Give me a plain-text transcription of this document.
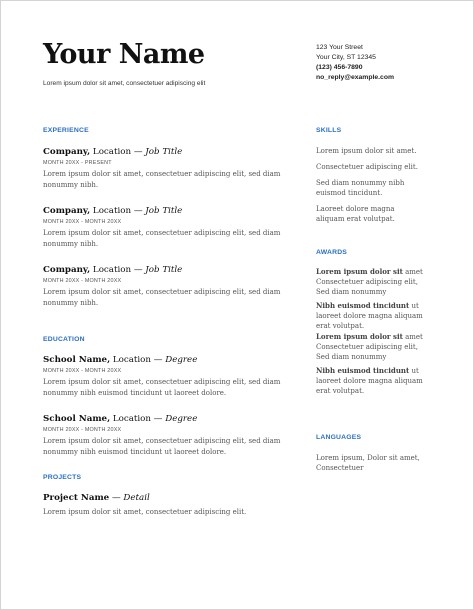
Your Name
Lorem ipsum dolor sit amet, consectetuer adipiscing elit
123 Your Street
Your City, ST 12345
(123) 456-7890
no_reply@example.com
EXPERIENCE
Company, Location — Job Title
MONTH 20XX - PRESENT
Lorem ipsum dolor sit amet, consectetuer adipiscing elit, sed diam
nonummy nibh.
Company, Location — Job Title
MONTH 20XX - MONTH 20XX
Lorem ipsum dolor sit amet, consectetuer adipiscing elit, sed diam
nonummy nibh.
Company, Location — Job Title
MONTH 20XX - MONTH 20XX
Lorem ipsum dolor sit amet, consectetuer adipiscing elit, sed diam
nonummy nibh.
EDUCATION
School Name, Location — Degree
MONTH 20XX - MONTH 20XX
Lorem ipsum dolor sit amet, consectetuer adipiscing elit, sed diam
nonummy nibh euismod tincidunt ut laoreet dolore.
School Name, Location — Degree
MONTH 20XX - MONTH 20XX
Lorem ipsum dolor sit amet, consectetuer adipiscing elit, sed diam
nonummy nibh euismod tincidunt ut laoreet dolore.
PROJECTS
Project Name — Detail
Lorem ipsum dolor sit amet, consectetuer adipiscing elit.
SKILLS
Lorem ipsum dolor sit amet.
Consectetuer adipiscing elit.
Sed diam nonummy nibh
euismod tincidunt.
Laoreet dolore magna
aliquam erat volutpat.
AWARDS
Lorem ipsum dolor sit amet
Consectetuer adipiscing elit,
Sed diam nonummy
Nibh euismod tincidunt ut
laoreet dolore magna aliquam
erat volutpat.
Lorem ipsum dolor sit amet
Consectetuer adipiscing elit,
Sed diam nonummy
Nibh euismod tincidunt ut
laoreet dolore magna aliquam
erat volutpat.
LANGUAGES
Lorem ipsum, Dolor sit amet,
Consectetuer
